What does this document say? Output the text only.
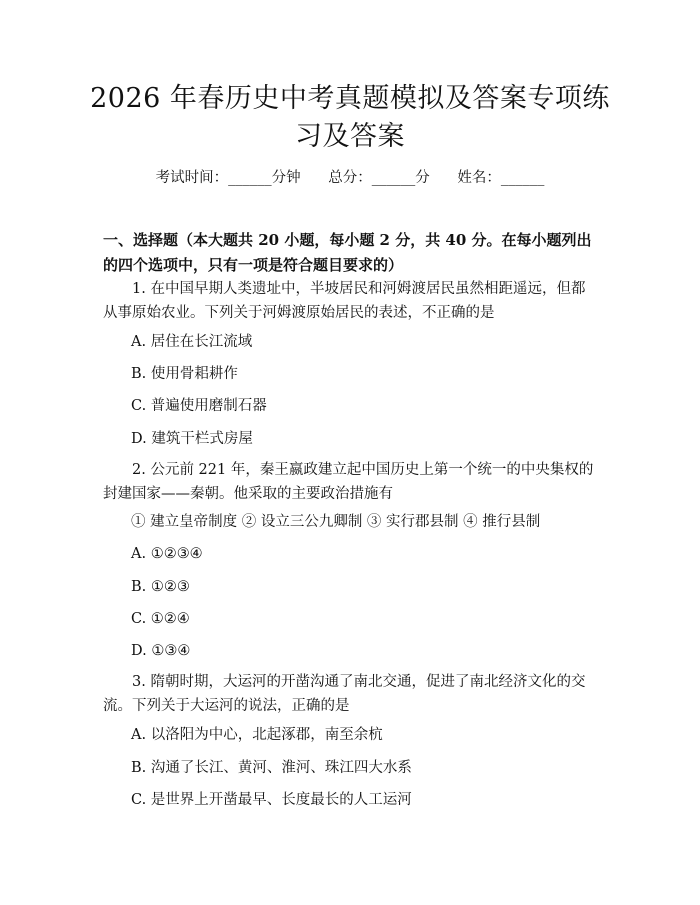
2026 年春历史中考真题模拟及答案专项练习及答案
考试时间：______分钟      总分：______分      姓名：______
一、选择题（本大题共 20 小题，每小题 2 分，共 40 分。在每小题列出的四个选项中，只有一项是符合题目要求的）
1. 在中国早期人类遗址中，半坡居民和河姆渡居民虽然相距遥远，但都从事原始农业。下列关于河姆渡原始居民的表述，不正确的是
A. 居住在长江流域
B. 使用骨耜耕作
C. 普遍使用磨制石器
D. 建筑干栏式房屋
2. 公元前 221 年，秦王嬴政建立起中国历史上第一个统一的中央集权的封建国家——秦朝。他采取的主要政治措施有
① 建立皇帝制度 ② 设立三公九卿制 ③ 实行郡县制 ④ 推行县制
A. ①②③④
B. ①②③
C. ①②④
D. ①③④
3. 隋朝时期，大运河的开凿沟通了南北交通，促进了南北经济文化的交流。下列关于大运河的说法，正确的是
A. 以洛阳为中心，北起涿郡，南至余杭
B. 沟通了长江、黄河、淮河、珠江四大水系
C. 是世界上开凿最早、长度最长的人工运河
